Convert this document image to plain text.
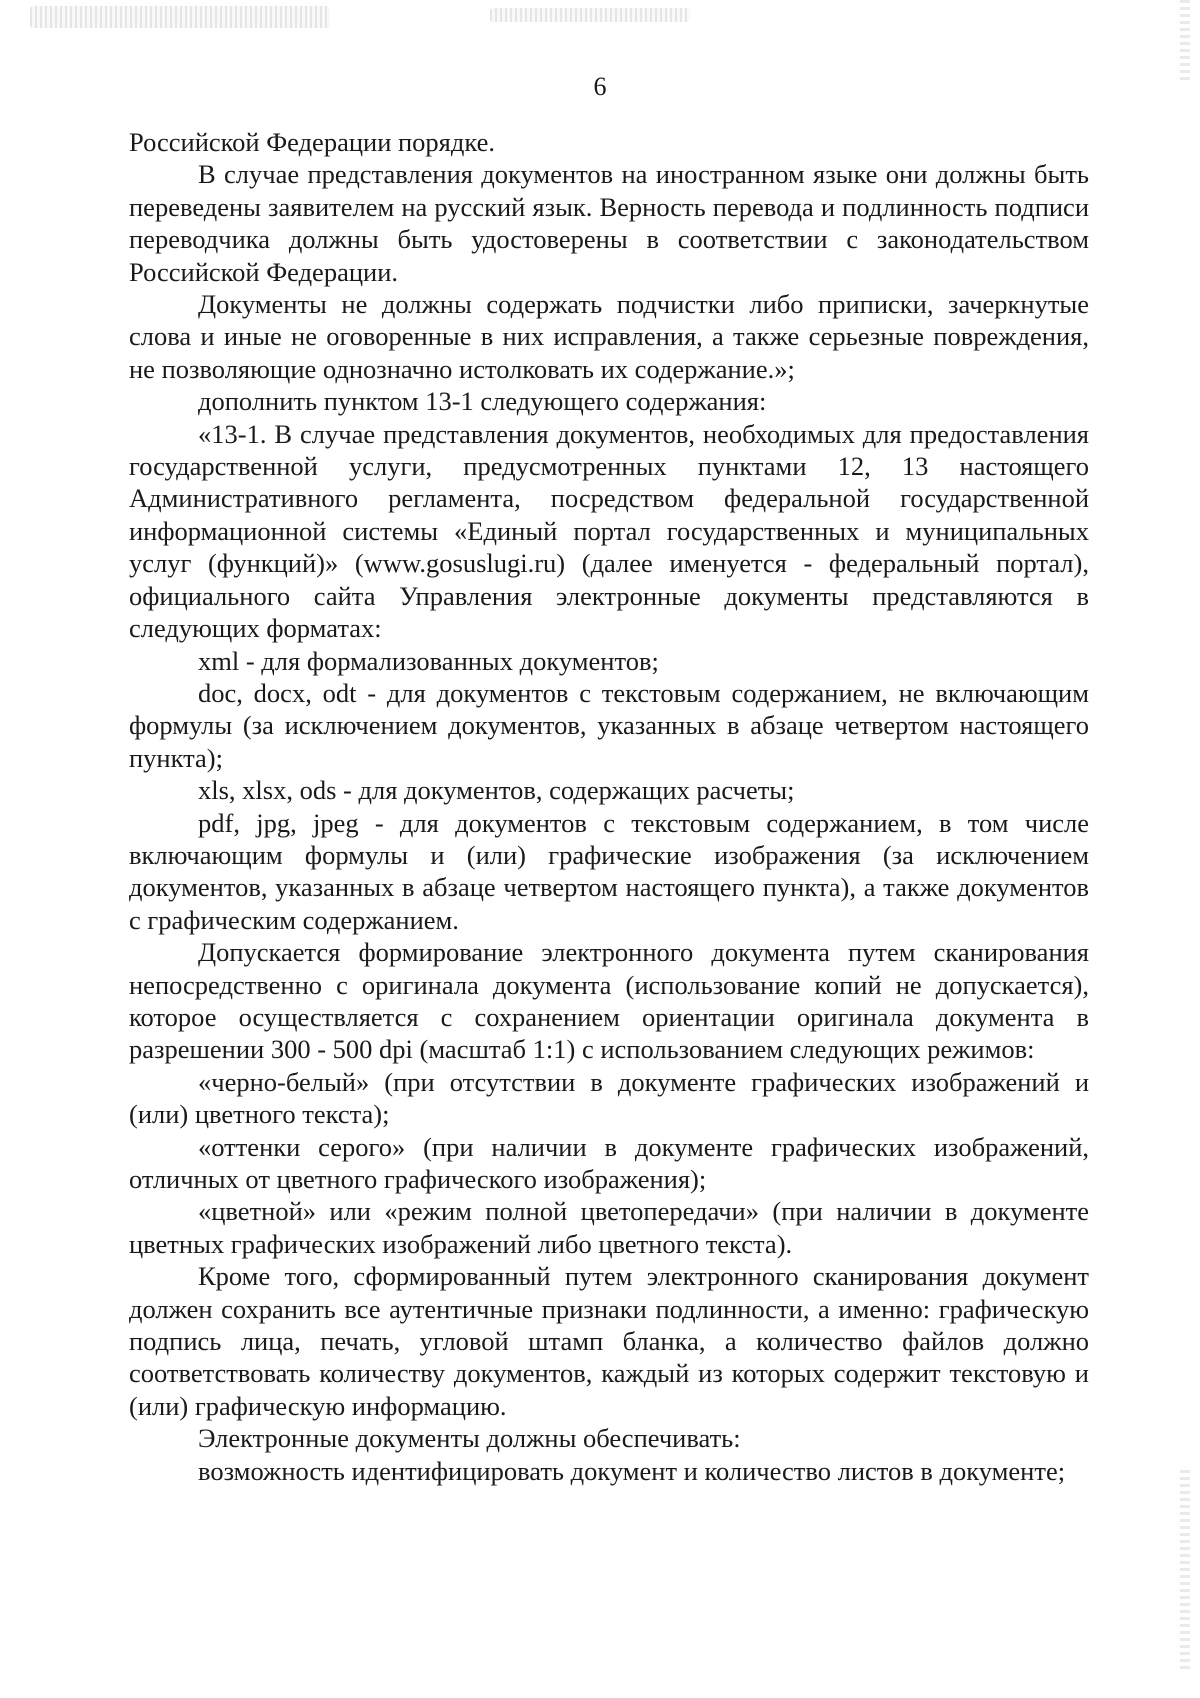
6

Российской Федерации порядке.

В случае представления документов на иностранном языке они должны быть переведены заявителем на русский язык. Верность перевода и подлинность подписи переводчика должны быть удостоверены в соответствии с законодательством Российской Федерации.

Документы не должны содержать подчистки либо приписки, зачеркнутые слова и иные не оговоренные в них исправления, а также серьезные повреждения, не позволяющие однозначно истолковать их содержание.»;

дополнить пунктом 13-1 следующего содержания:

«13-1. В случае представления документов, необходимых для предоставления государственной услуги, предусмотренных пунктами 12, 13 настоящего Административного регламента, посредством федеральной государственной информационной системы «Единый портал государственных и муниципальных услуг (функций)» (www.gosuslugi.ru) (далее именуется - федеральный портал), официального сайта Управления электронные документы представляются в следующих форматах:

xml - для формализованных документов;

doc, docx, odt - для документов с текстовым содержанием, не включающим формулы (за исключением документов, указанных в абзаце четвертом настоящего пункта);

xls, xlsx, ods - для документов, содержащих расчеты;

pdf, jpg, jpeg - для документов с текстовым содержанием, в том числе включающим формулы и (или) графические изображения (за исключением документов, указанных в абзаце четвертом настоящего пункта), а также документов с графическим содержанием.

Допускается формирование электронного документа путем сканирования непосредственно с оригинала документа (использование копий не допускается), которое осуществляется с сохранением ориентации оригинала документа в разрешении 300 - 500 dpi (масштаб 1:1) с использованием следующих режимов:

«черно-белый» (при отсутствии в документе графических изображений и (или) цветного текста);

«оттенки серого» (при наличии в документе графических изображений, отличных от цветного графического изображения);

«цветной» или «режим полной цветопередачи» (при наличии в документе цветных графических изображений либо цветного текста).

Кроме того, сформированный путем электронного сканирования документ должен сохранить все аутентичные признаки подлинности, а именно: графическую подпись лица, печать, угловой штамп бланка, а количество файлов должно соответствовать количеству документов, каждый из которых содержит текстовую и (или) графическую информацию.

Электронные документы должны обеспечивать:

возможность идентифицировать документ и количество листов в документе;
